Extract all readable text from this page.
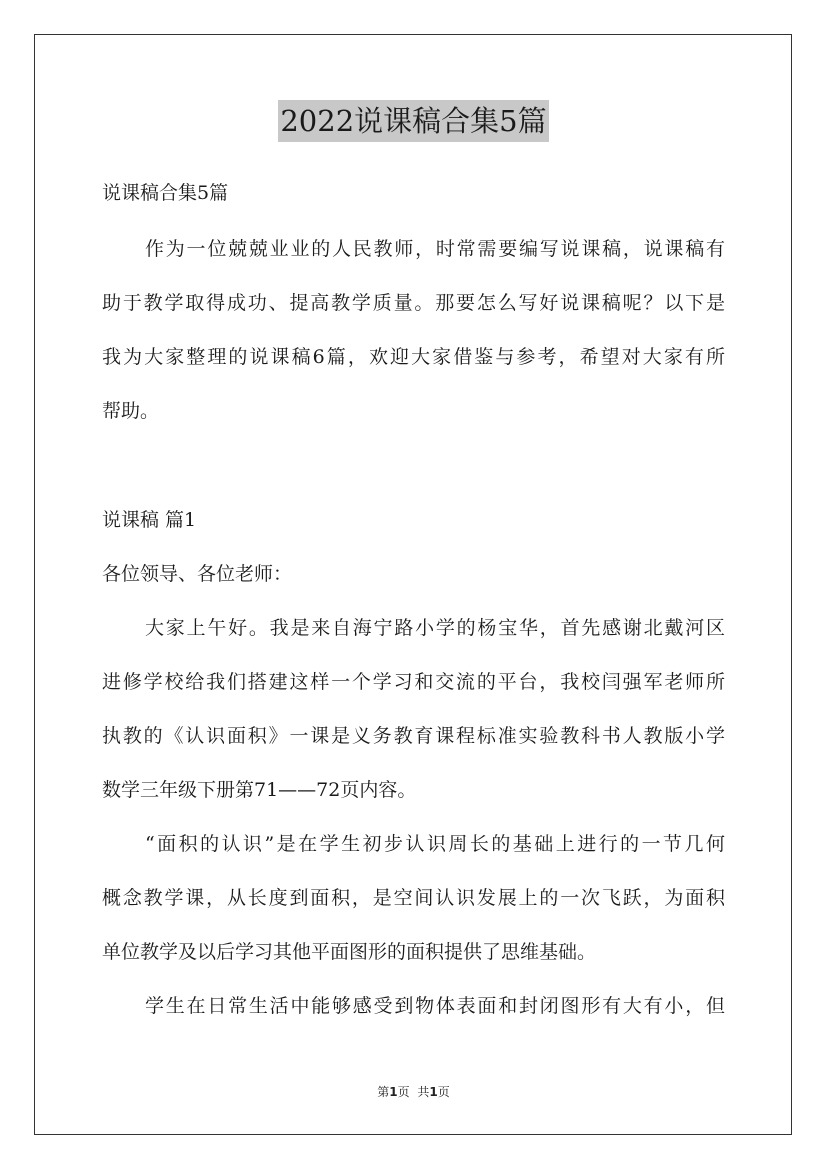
2022说课稿合集5篇
说课稿合集5篇
作为一位兢兢业业的人民教师，时常需要编写说课稿，说课稿有
助于教学取得成功、提高教学质量。那要怎么写好说课稿呢？以下是
我为大家整理的说课稿6篇，欢迎大家借鉴与参考，希望对大家有所
帮助。
说课稿 篇1
各位领导、各位老师：
大家上午好。我是来自海宁路小学的杨宝华，首先感谢北戴河区
进修学校给我们搭建这样一个学习和交流的平台，我校闫强军老师所
执教的《认识面积》一课是义务教育课程标准实验教科书人教版小学
数学三年级下册第71——72页内容。
“面积的认识”是在学生初步认识周长的基础上进行的一节几何
概念教学课，从长度到面积，是空间认识发展上的一次飞跃，为面积
单位教学及以后学习其他平面图形的面积提供了思维基础。
学生在日常生活中能够感受到物体表面和封闭图形有大有小，但
第1页 共1页
